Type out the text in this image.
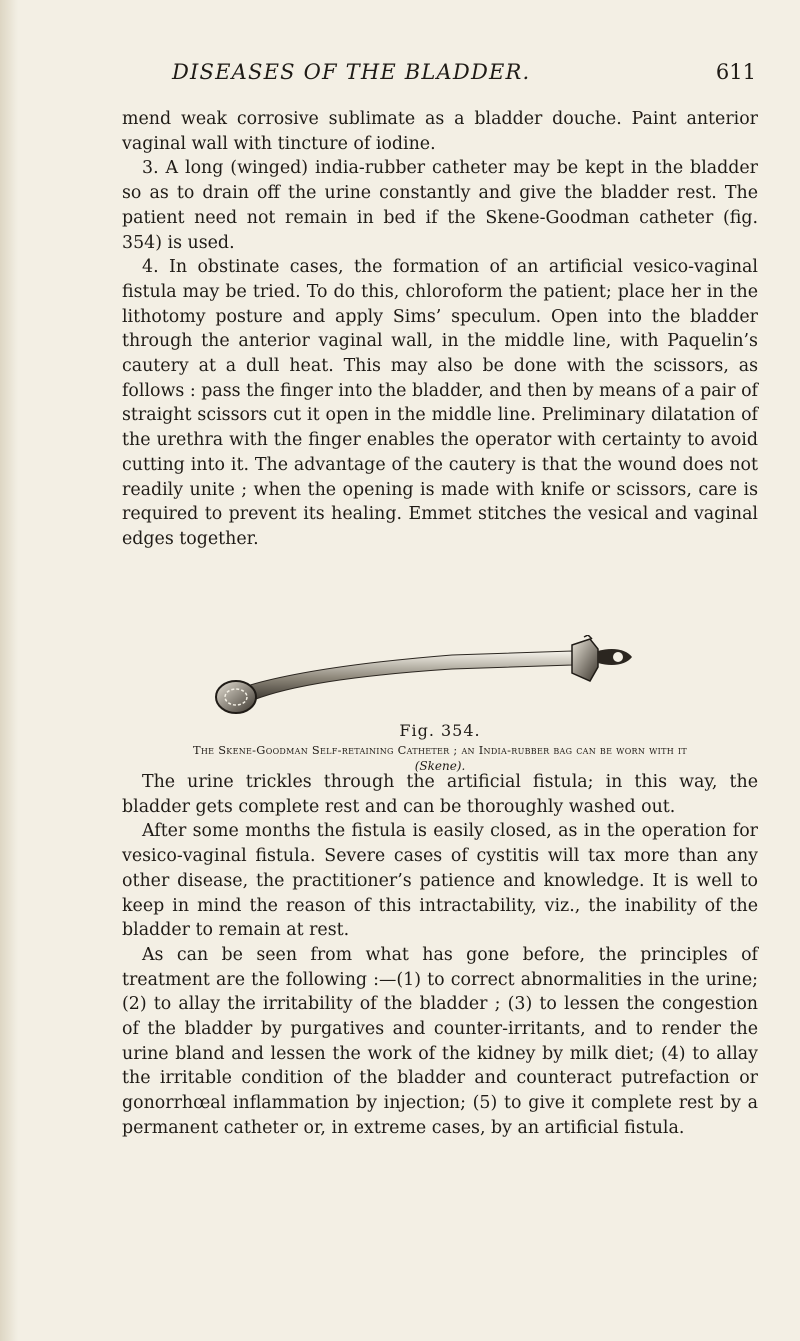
DISEASES OF THE BLADDER.	611

mend weak corrosive sublimate as a bladder douche. Paint anterior vaginal wall with tincture of iodine.

3. A long (winged) india-rubber catheter may be kept in the bladder so as to drain off the urine constantly and give the bladder rest. The patient need not remain in bed if the Skene-Goodman catheter (fig. 354) is used.

4. In obstinate cases, the formation of an artificial vesico-vaginal fistula may be tried. To do this, chloroform the patient; place her in the lithotomy posture and apply Sims’ speculum. Open into the bladder through the anterior vaginal wall, in the middle line, with Paquelin’s cautery at a dull heat. This may also be done with the scissors, as follows : pass the finger into the bladder, and then by means of a pair of straight scissors cut it open in the middle line. Preliminary dilatation of the urethra with the finger enables the operator with certainty to avoid cutting into it. The advantage of the cautery is that the wound does not readily unite ; when the opening is made with knife or scissors, care is required to prevent its healing. Emmet stitches the vesical and vaginal edges together.

Fig. 354.
The Skene-Goodman Self-retaining Catheter ; an India-rubber bag can be worn with it
(Skene).

The urine trickles through the artificial fistula; in this way, the bladder gets complete rest and can be thoroughly washed out.

After some months the fistula is easily closed, as in the operation for vesico-vaginal fistula. Severe cases of cystitis will tax more than any other disease, the practitioner’s patience and knowledge. It is well to keep in mind the reason of this intractability, viz., the inability of the bladder to remain at rest.

As can be seen from what has gone before, the principles of treatment are the following :—(1) to correct abnormalities in the urine; (2) to allay the irritability of the bladder ; (3) to lessen the congestion of the bladder by purgatives and counter-irritants, and to render the urine bland and lessen the work of the kidney by milk diet; (4) to allay the irritable condition of the bladder and counteract putrefaction or gonorrhœal inflammation by injection; (5) to give it complete rest by a permanent catheter or, in extreme cases, by an artificial fistula.
